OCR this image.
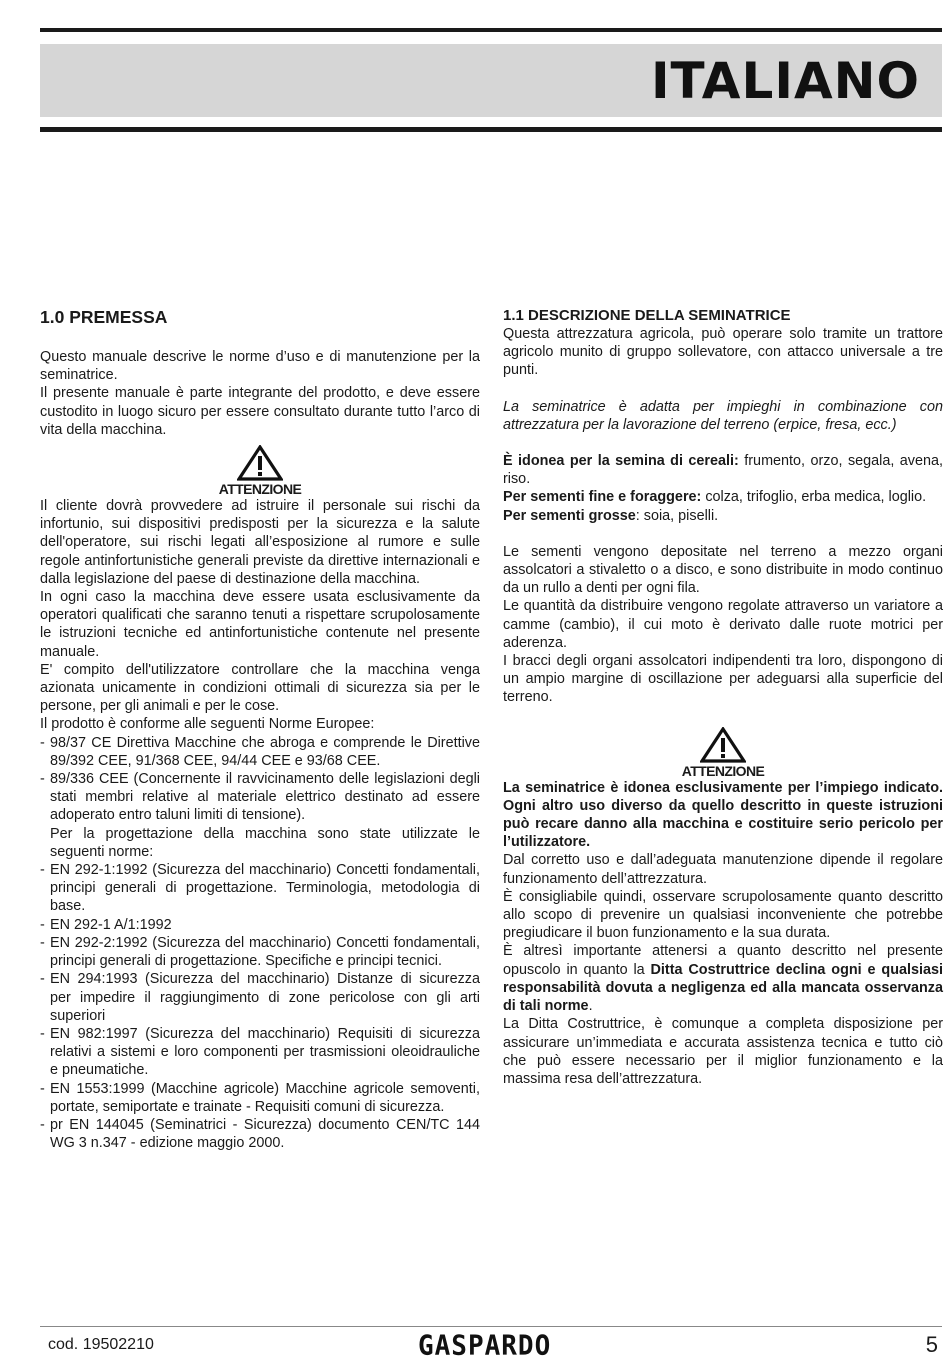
ITALIANO
1.0 PREMESSA

Questo manuale descrive le norme d’uso e di manutenzione per la seminatrice.

Il presente manuale è parte integrante del prodotto, e deve essere custodito in luogo sicuro per essere consultato durante tutto l’arco di vita della macchina.

ATTENZIONE

Il cliente dovrà provvedere ad istruire il personale sui rischi da infortunio, sui dispositivi predisposti per la sicurezza e la salute dell'operatore, sui rischi legati all’esposizione al rumore e sulle regole antinfortunistiche generali previste da direttive internazionali e dalla legislazione del paese di destinazione della macchina.

In ogni caso la macchina deve essere usata esclusivamente da operatori qualificati che saranno tenuti a rispettare scrupolosamente le istruzioni tecniche ed antinfortunistiche contenute nel presente manuale.

E' compito dell'utilizzatore controllare che la macchina venga azionata unicamente in condizioni ottimali di sicurezza sia per le persone, per gli animali e per le cose.

Il prodotto è conforme alle seguenti Norme Europee:

- 98/37 CE Direttiva Macchine che abroga e comprende le Direttive 89/392 CEE, 91/368 CEE, 94/44 CEE e 93/68 CEE.
- 89/336 CEE (Concernente il ravvicinamento delle legislazioni degli stati membri relative al materiale elettrico destinato ad essere adoperato entro taluni limiti di tensione).

Per la progettazione della macchina sono state utilizzate le seguenti norme:

- EN 292-1:1992 (Sicurezza del macchinario) Concetti fondamentali, principi generali di progettazione. Terminologia, metodologia di base.
- EN 292-1 A/1:1992
- EN 292-2:1992 (Sicurezza del macchinario) Concetti fondamentali, principi generali di progettazione. Specifiche e principi tecnici.
- EN 294:1993 (Sicurezza del macchinario) Distanze di sicurezza per impedire il raggiungimento di zone pericolose con gli arti superiori
- EN 982:1997 (Sicurezza del macchinario) Requisiti di sicurezza relativi a sistemi e loro componenti per trasmissioni oleoidrauliche e pneumatiche.
- EN 1553:1999 (Macchine agricole) Macchine agricole semoventi, portate, semiportate e trainate - Requisiti comuni di sicurezza.
- pr EN 144045 (Seminatrici - Sicurezza) documento CEN/TC 144 WG 3 n.347 - edizione maggio 2000.
1.1 DESCRIZIONE DELLA SEMINATRICE

Questa attrezzatura agricola, può operare solo tramite un trattore agricolo munito di gruppo sollevatore, con attacco universale a tre punti.

La seminatrice è adatta per impieghi in combinazione con attrezzatura per la lavorazione del terreno (erpice, fresa, ecc.)

È idonea per la semina di cereali: frumento, orzo, segala, avena, riso.

Per sementi fine e foraggere: colza, trifoglio, erba medica, loglio.

Per sementi grosse: soia, piselli.

Le sementi vengono depositate nel terreno a mezzo organi assolcatori a stivaletto o a disco, e sono distribuite in modo continuo da un rullo a denti per ogni fila.

Le quantità da distribuire vengono regolate attraverso un variatore a camme (cambio), il cui moto è derivato dalle ruote motrici per aderenza.

I bracci degli organi assolcatori indipendenti tra loro, dispongono di un ampio margine di oscillazione per adeguarsi alla superficie del terreno.

ATTENZIONE

La seminatrice è idonea esclusivamente per l’impiego indicato. Ogni altro uso diverso da quello descritto in queste istruzioni può recare danno alla macchina e costituire serio pericolo per l’utilizzatore.

Dal corretto uso e dall’adeguata manutenzione dipende il regolare funzionamento dell’attrezzatura.

È consigliabile quindi, osservare scrupolosamente quanto descritto allo scopo di prevenire un qualsiasi inconveniente che potrebbe pregiudicare il buon funzionamento e la sua durata.

È altresì importante attenersi a quanto descritto nel presente opuscolo in quanto la Ditta Costruttrice declina ogni e qualsiasi responsabilità dovuta a negligenza ed alla mancata osservanza di tali norme.

La Ditta Costruttrice, è comunque a completa disposizione per assicurare un’immediata e accurata assistenza tecnica e tutto ciò che può essere necessario per il miglior funzionamento e la massima resa dell’attrezzatura.

cod. 19502210	GASPARDO	5
